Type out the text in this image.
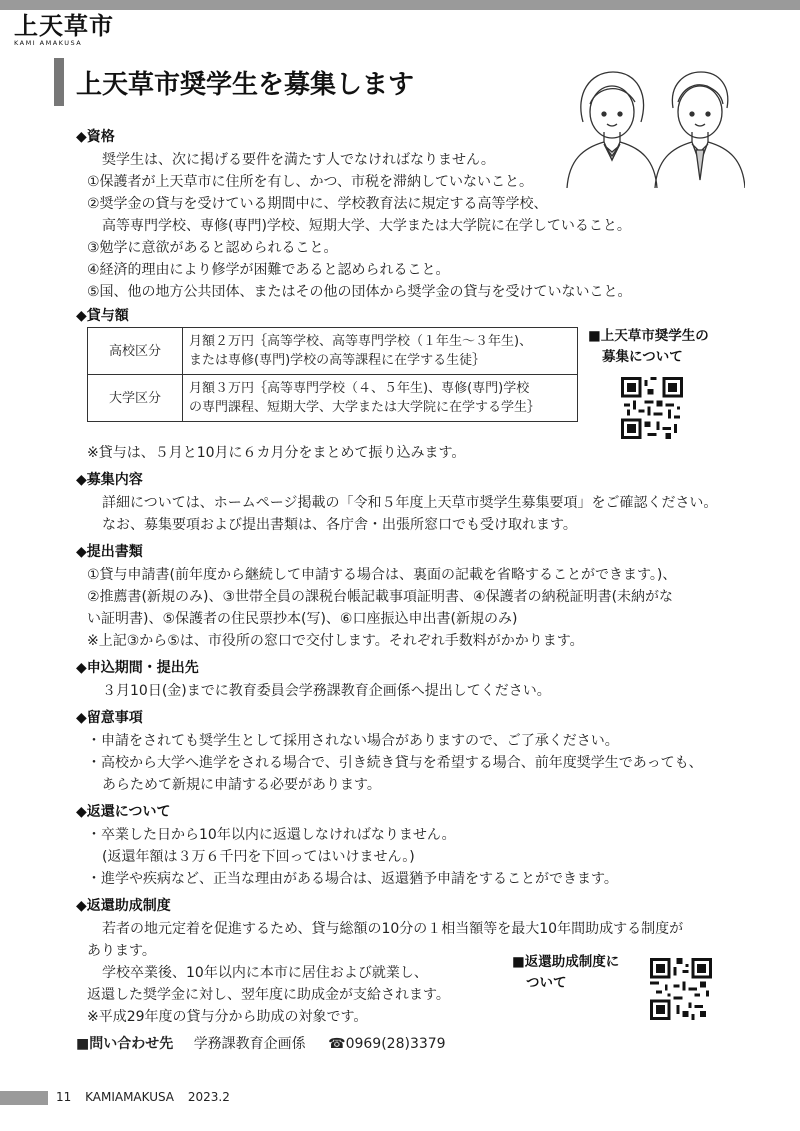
上天草市
KAMI AMAKUSA
上天草市奨学生を募集します
◆資格
奨学生は、次に掲げる要件を満たす人でなければなりません。
①保護者が上天草市に住所を有し、かつ、市税を滞納していないこと。
②奨学金の貸与を受けている期間中に、学校教育法に規定する高等学校、
高等専門学校、専修(専門)学校、短期大学、大学または大学院に在学していること。
③勉学に意欲があると認められること。
④経済的理由により修学が困難であると認められること。
⑤国、他の地方公共団体、またはその他の団体から奨学金の貸与を受けていないこと。
◆貸与額
高校区分	月額２万円｛高等学校、高等専門学校（１年生～３年生)、
または専修(専門)学校の高等課程に在学する生徒｝

大学区分	月額３万円｛高等専門学校（４、５年生)、専修(専門)学校
の専門課程、短期大学、大学または大学院に在学する学生｝
※貸与は、５月と10月に６カ月分をまとめて振り込みます。
■上天草市奨学生の
募集について
◆募集内容
詳細については、ホームページ掲載の「令和５年度上天草市奨学生募集要項」をご確認ください。
なお、募集要項および提出書類は、各庁舎・出張所窓口でも受け取れます。
◆提出書類
①貸与申請書(前年度から継続して申請する場合は、裏面の記載を省略することができます。)、
②推薦書(新規のみ)、③世帯全員の課税台帳記載事項証明書、④保護者の納税証明書(未納がな
い証明書)、⑤保護者の住民票抄本(写)、⑥口座振込申出書(新規のみ)
※上記③から⑤は、市役所の窓口で交付します。それぞれ手数料がかかります。
◆申込期間・提出先
３月10日(金)までに教育委員会学務課教育企画係へ提出してください。
◆留意事項
・申請をされても奨学生として採用されない場合がありますので、ご了承ください。
・高校から大学へ進学をされる場合で、引き続き貸与を希望する場合、前年度奨学生であっても、
あらためて新規に申請する必要があります。
◆返還について
・卒業した日から10年以内に返還しなければなりません。
(返還年額は３万６千円を下回ってはいけません。)
・進学や疾病など、正当な理由がある場合は、返還猶予申請をすることができます。
◆返還助成制度
若者の地元定着を促進するため、貸与総額の10分の１相当額等を最大10年間助成する制度が
あります。
学校卒業後、10年以内に本市に居住および就業し、
返還した奨学金に対し、翌年度に助成金が支給されます。
※平成29年度の貸与分から助成の対象です。
■返還助成制度に
ついて
■問い合わせ先 学務課教育企画係 ☎0969(28)3379
11 KAMIAMAKUSA 2023.2
